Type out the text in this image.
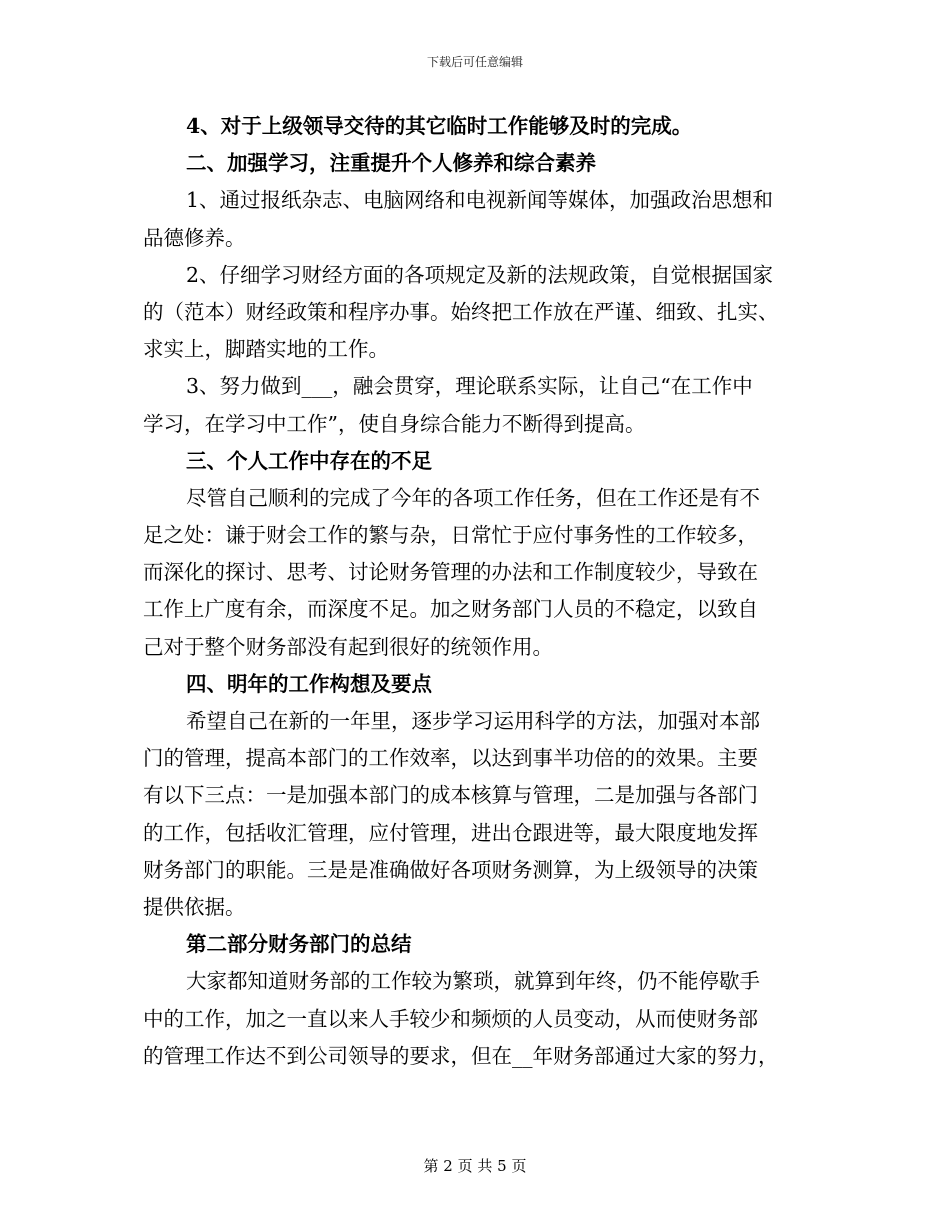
下载后可任意编辑
4、对于上级领导交待的其它临时工作能够及时的完成。
二、加强学习，注重提升个人修养和综合素养
1、通过报纸杂志、电脑网络和电视新闻等媒体，加强政治思想和
品德修养。
2、仔细学习财经方面的各项规定及新的法规政策，自觉根据国家
的（范本）财经政策和程序办事。始终把工作放在严谨、细致、扎实、
求实上，脚踏实地的工作。
3、努力做到___，融会贯穿，理论联系实际，让自己“在工作中
学习，在学习中工作”，使自身综合能力不断得到提高。
三、个人工作中存在的不足
尽管自己顺利的完成了今年的各项工作任务，但在工作还是有不
足之处：谦于财会工作的繁与杂，日常忙于应付事务性的工作较多，
而深化的探讨、思考、讨论财务管理的办法和工作制度较少，导致在
工作上广度有余，而深度不足。加之财务部门人员的不稳定，以致自
己对于整个财务部没有起到很好的统领作用。
四、明年的工作构想及要点
希望自己在新的一年里，逐步学习运用科学的方法，加强对本部
门的管理，提高本部门的工作效率，以达到事半功倍的的效果。主要
有以下三点：一是加强本部门的成本核算与管理，二是加强与各部门
的工作，包括收汇管理，应付管理，进出仓跟进等，最大限度地发挥
财务部门的职能。三是是准确做好各项财务测算，为上级领导的决策
提供依据。
第二部分财务部门的总结
大家都知道财务部的工作较为繁琐，就算到年终，仍不能停歇手
中的工作，加之一直以来人手较少和频烦的人员变动，从而使财务部
的管理工作达不到公司领导的要求，但在__年财务部通过大家的努力，
第 2 页 共 5 页
